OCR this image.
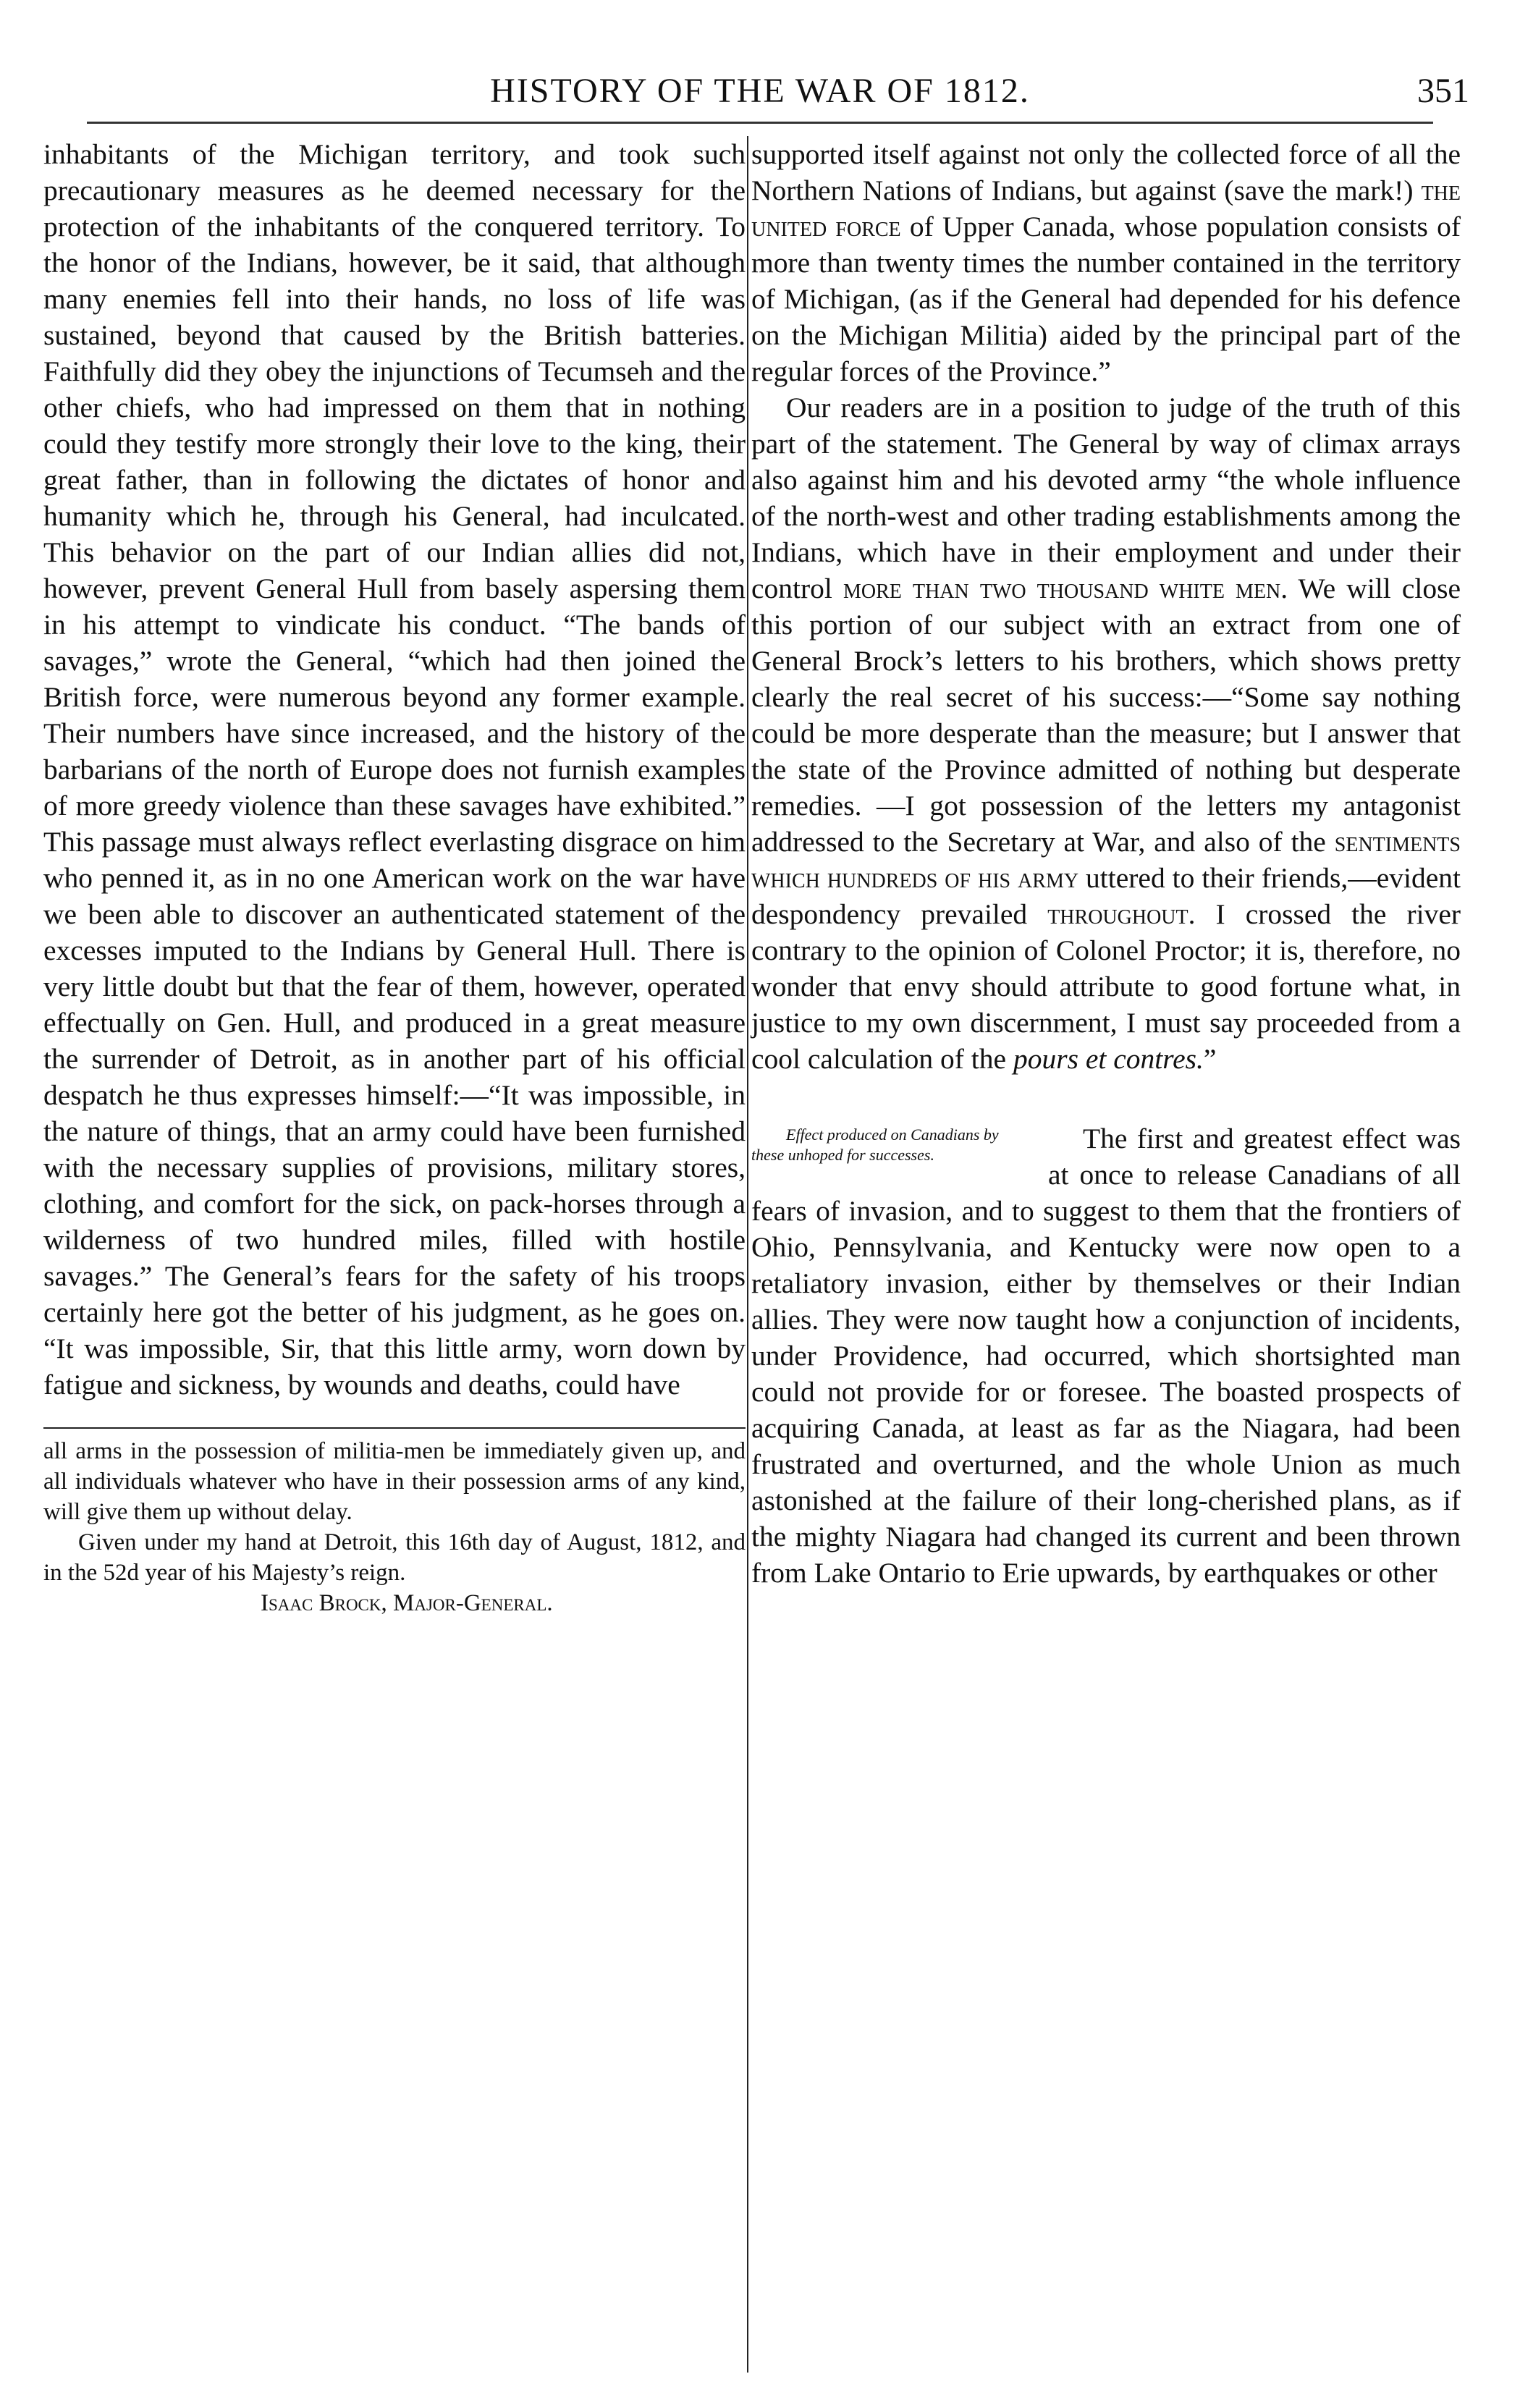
HISTORY OF THE WAR OF 1812.	351

inhabitants of the Michigan territory, and took such precautionary measures as he deemed necessary for the protection of the inhabitants of the conquered territory. To the honor of the Indians, however, be it said, that although many enemies fell into their hands, no loss of life was sustained, beyond that caused by the British batteries. Faithfully did they obey the injunctions of Tecumseh and the other chiefs, who had impressed on them that in nothing could they testify more strongly their love to the king, their great father, than in following the dictates of honor and humanity which he, through his General, had inculcated. This behavior on the part of our Indian allies did not, however, prevent General Hull from basely aspersing them in his attempt to vindicate his conduct. “The bands of savages,” wrote the General, “which had then joined the British force, were numerous beyond any former example. Their numbers have since increased, and the history of the barbarians of the north of Europe does not furnish examples of more greedy violence than these savages have exhibited.” This passage must always reflect everlasting disgrace on him who penned it, as in no one American work on the war have we been able to discover an authenticated statement of the excesses imputed to the Indians by General Hull. There is very little doubt but that the fear of them, however, operated effectually on Gen. Hull, and produced in a great measure the surrender of Detroit, as in another part of his official despatch he thus expresses himself:—“It was impossible, in the nature of things, that an army could have been furnished with the necessary supplies of provisions, military stores, clothing, and comfort for the sick, on pack-horses through a wilderness of two hundred miles, filled with hostile savages.” The General’s fears for the safety of his troops certainly here got the better of his judgment, as he goes on. “It was impossible, Sir, that this little army, worn down by fatigue and sickness, by wounds and deaths, could have

all arms in the possession of militia-men be immediately given up, and all individuals whatever who have in their possession arms of any kind, will give them up without delay.

Given under my hand at Detroit, this 16th day of August, 1812, and in the 52d year of his Majesty’s reign.

Isaac Brock, Major-General.

supported itself against not only the collected force of all the Northern Nations of Indians, but against (save the mark!) the united force of Upper Canada, whose population consists of more than twenty times the number contained in the territory of Michigan, (as if the General had depended for his defence on the Michigan Militia) aided by the principal part of the regular forces of the Province.”

Our readers are in a position to judge of the truth of this part of the statement. The General by way of climax arrays also against him and his devoted army “the whole influence of the north-west and other trading establishments among the Indians, which have in their employment and under their control more than two thousand white men. We will close this portion of our subject with an extract from one of General Brock’s letters to his brothers, which shows pretty clearly the real secret of his success:—“Some say nothing could be more desperate than the measure; but I answer that the state of the Province admitted of nothing but desperate remedies. —I got possession of the letters my antagonist addressed to the Secretary at War, and also of the sentiments which hundreds of his army uttered to their friends,—evident despondency prevailed throughout. I crossed the river contrary to the opinion of Colonel Proctor; it is, therefore, no wonder that envy should attribute to good fortune what, in justice to my own discernment, I must say proceeded from a cool calculation of the pours et contres.”

Effect produced on Canadians by these unhoped for successes.
The first and greatest effect was at once to release Canadians of all fears of invasion, and to suggest to them that the frontiers of Ohio, Pennsylvania, and Kentucky were now open to a retaliatory invasion, either by themselves or their Indian allies. They were now taught how a conjunction of incidents, under Providence, had occurred, which shortsighted man could not provide for or foresee. The boasted prospects of acquiring Canada, at least as far as the Niagara, had been frustrated and overturned, and the whole Union as much astonished at the failure of their long-cherished plans, as if the mighty Niagara had changed its current and been thrown from Lake Ontario to Erie upwards, by earthquakes or other
